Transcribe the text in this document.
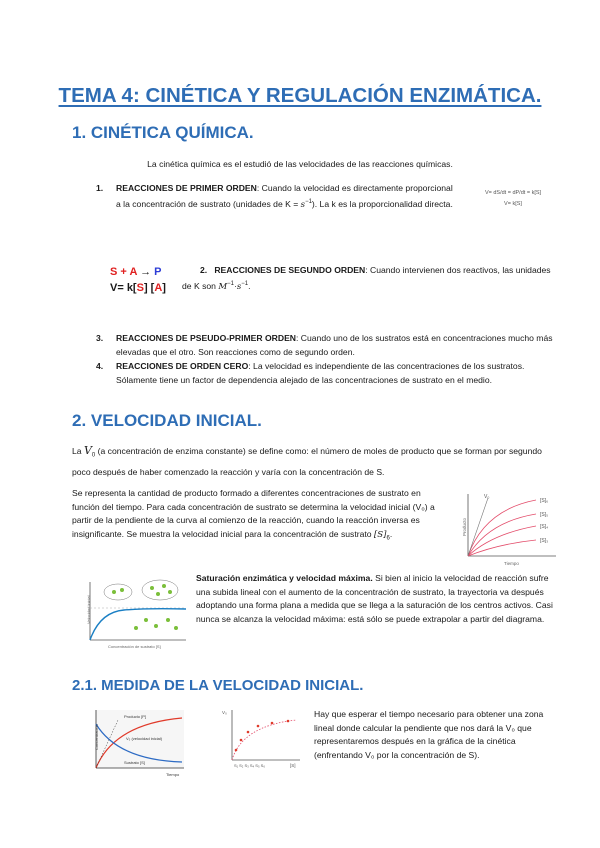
TEMA 4: CINÉTICA Y REGULACIÓN ENZIMÁTICA.
1. CINÉTICA QUÍMICA.
La cinética química es el estudió de las velocidades de las reacciones químicas.
1.	REACCIONES DE PRIMER ORDEN: Cuando la velocidad es directamente proporcional a la concentración de sustrato (unidades de $K = s^{-1}$). La k es la proporcionalidad directa.
V= dS/dt = dP/dt = k[S]
V= k[S]
S + A → P
V= k[S] [A]
2. REACCIONES DE SEGUNDO ORDEN: Cuando intervienen dos reactivos, las unidades de K son $M^{-1}\cdot s^{-1}$.
3.	REACCIONES DE PSEUDO-PRIMER ORDEN: Cuando uno de los sustratos está en concentraciones mucho más elevadas que el otro. Son reacciones como de segundo orden.
4.	REACCIONES DE ORDEN CERO: La velocidad es independiente de las concentraciones de los sustratos. Sólamente tiene un factor de dependencia alejado de las concentraciones de sustrato en el medio.
2. VELOCIDAD INICIAL.
La $V_0$ (a concentración de enzima constante) se define como: el número de moles de producto que se forman por segundo poco después de haber comenzado la reacción y varía con la concentración de S.
Se representa la cantidad de producto formado a diferentes concentraciones de sustrato en función del tiempo. Para cada concentración de sustrato se determina la velocidad inicial (V₀) a partir de la pendiente de la curva al comienzo de la reacción, cuando la reacción inversa es insignificante. Se muestra la velocidad inicial para la concentración de sustrato $[S]_6$.
V₀
[S]₆
[S]₅
[S]₄
[S]₃
Producto
Tiempo
Velocidad inicial
Concentración de sustrato [S]
Saturación enzimática y velocidad máxima. Si bien al inicio la velocidad de reacción sufre una subida lineal con el aumento de la concentración de sustrato, la trayectoria va después adoptando una forma plana a medida que se llega a la saturación de los centros activos. Casi nunca se alcanza la velocidad máxima: está sólo se puede extrapolar a partir del diagrama.
2.1. MEDIDA DE LA VELOCIDAD INICIAL.
Producto [P]
Sustrato [S]
V₀ (velocidad inicial)
Concentración
Tiempo
V₀
S₁ S₂ S₃ S₄ S₅ S₆	[S]
Hay que esperar el tiempo necesario para obtener una zona lineal donde calcular la pendiente que nos dará la V₀ que representaremos después en la gráfica de la cinética (enfrentando V₀ por la concentración de S).
